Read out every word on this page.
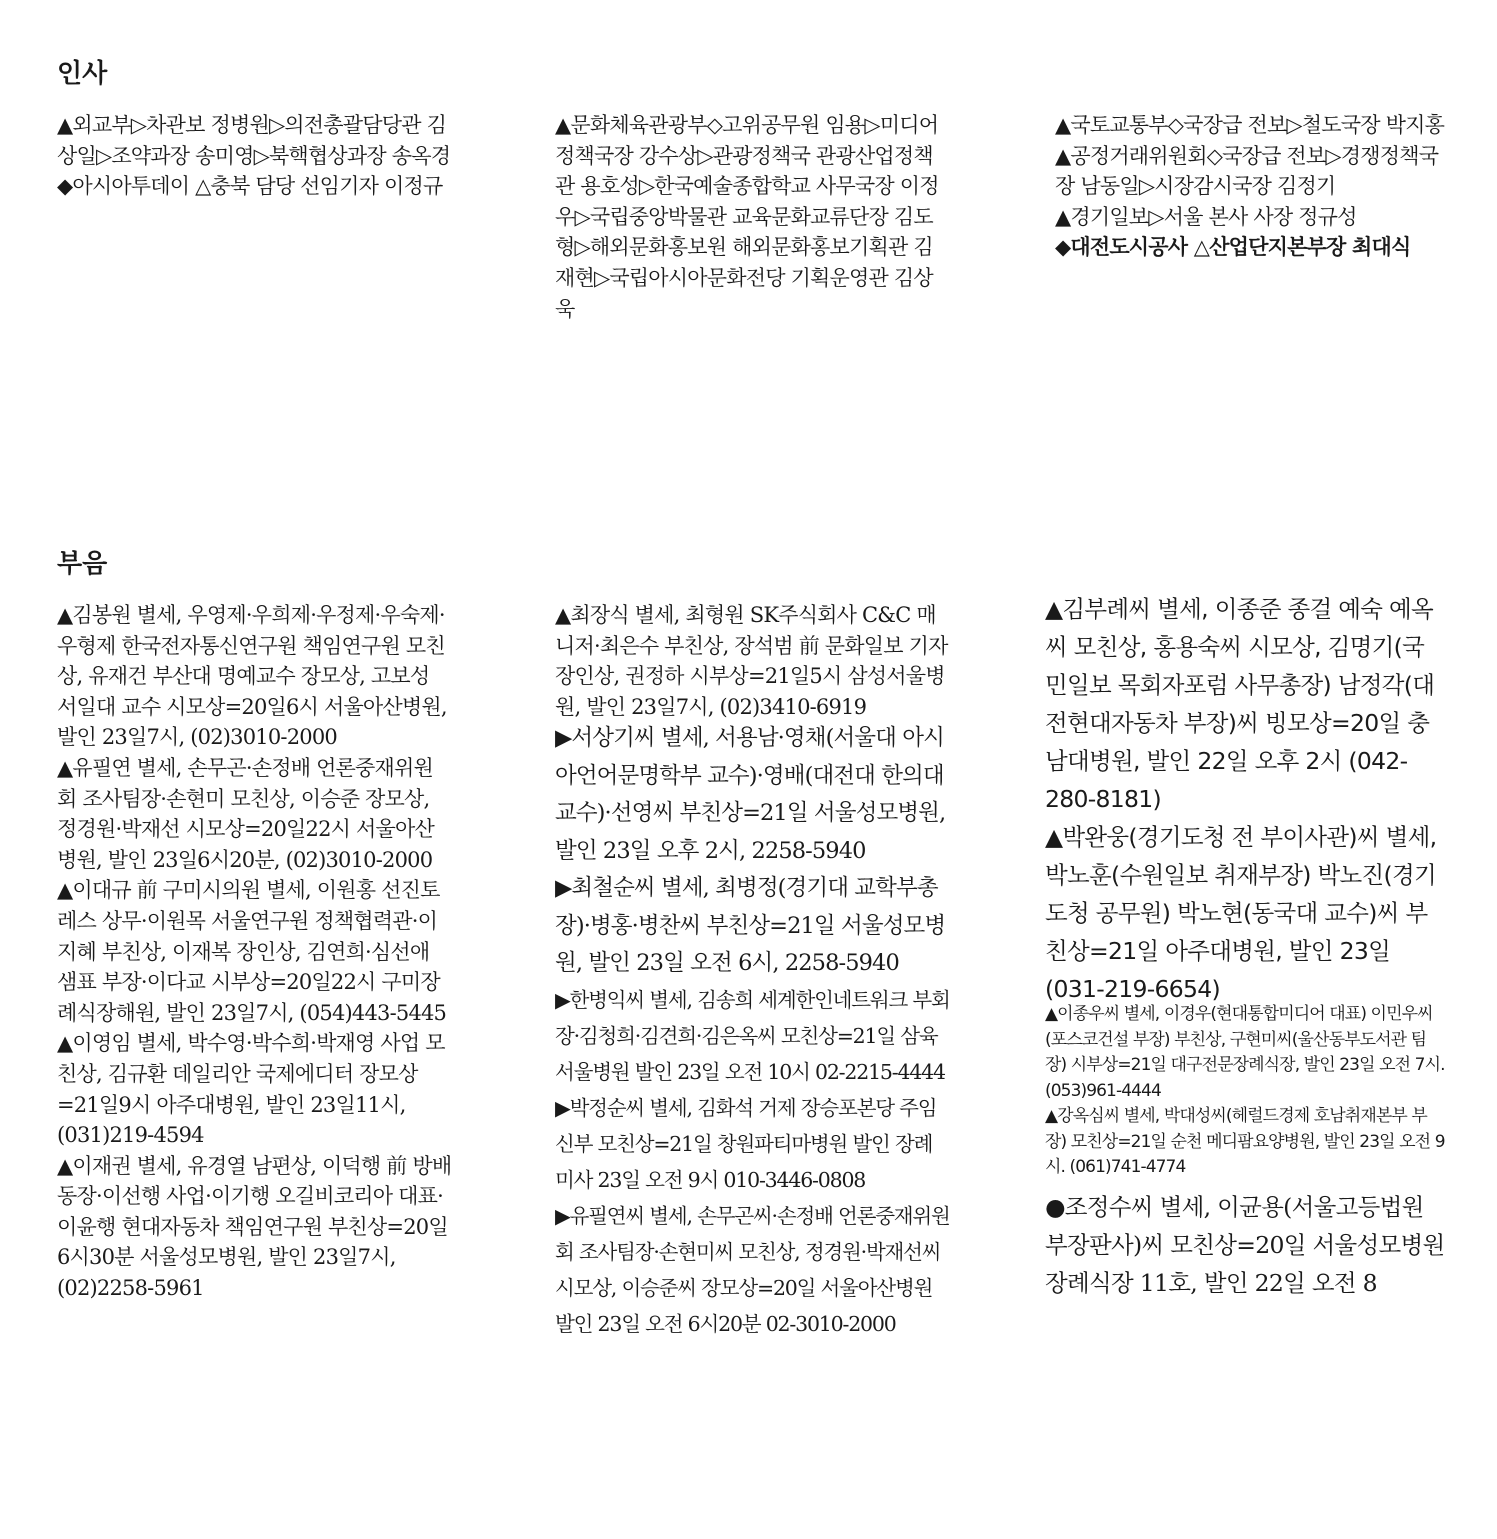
인사

▲외교부▷차관보 정병원▷의전총괄담당관 김상일▷조약과장 송미영▷북핵협상과장 송옥경

◆아시아투데이 △충북 담당 선임기자 이정규

▲문화체육관광부◇고위공무원 임용▷미디어정책국장 강수상▷관광정책국 관광산업정책관 용호성▷한국예술종합학교 사무국장 이정우▷국립중앙박물관 교육문화교류단장 김도형▷해외문화홍보원 해외문화홍보기획관 김재현▷국립아시아문화전당 기획운영관 김상욱

▲국토교통부◇국장급 전보▷철도국장 박지홍

▲공정거래위원회◇국장급 전보▷경쟁정책국장 남동일▷시장감시국장 김정기

▲경기일보▷서울 본사 사장 정규성

◆대전도시공사 △산업단지본부장 최대식

부음

▲김봉원 별세, 우영제·우희제·우정제·우숙제·우형제 한국전자통신연구원 책임연구원 모친상, 유재건 부산대 명예교수 장모상, 고보성 서일대 교수 시모상=20일6시 서울아산병원, 발인 23일7시, (02)3010-2000

▲유필연 별세, 손무곤·손정배 언론중재위원회 조사팀장·손현미 모친상, 이승준 장모상, 정경원·박재선 시모상=20일22시 서울아산병원, 발인 23일6시20분, (02)3010-2000

▲이대규 前 구미시의원 별세, 이원홍 선진토레스 상무·이원목 서울연구원 정책협력관·이지혜 부친상, 이재복 장인상, 김연희·심선애 샘표 부장·이다교 시부상=20일22시 구미장례식장해원, 발인 23일7시, (054)443-5445

▲이영임 별세, 박수영·박수희·박재영 사업 모친상, 김규환 데일리안 국제에디터 장모상=21일9시 아주대병원, 발인 23일11시, (031)219-4594

▲이재권 별세, 유경열 남편상, 이덕행 前 방배동장·이선행 사업·이기행 오길비코리아 대표·이윤행 현대자동차 책임연구원 부친상=20일6시30분 서울성모병원, 발인 23일7시, (02)2258-5961

▲최장식 별세, 최형원 SK주식회사 C&C 매니저·최은수 부친상, 장석범 前 문화일보 기자 장인상, 권정하 시부상=21일5시 삼성서울병원, 발인 23일7시, (02)3410-6919

▶서상기씨 별세, 서용남·영채(서울대 아시아언어문명학부 교수)·영배(대전대 한의대 교수)·선영씨 부친상=21일 서울성모병원, 발인 23일 오후 2시, 2258-5940

▶최철순씨 별세, 최병정(경기대 교학부총장)·병홍·병찬씨 부친상=21일 서울성모병원, 발인 23일 오전 6시, 2258-5940

▶한병익씨 별세, 김송희 세계한인네트워크 부회장·김청희·김견희·김은옥씨 모친상=21일 삼육서울병원 발인 23일 오전 10시 02-2215-4444

▶박정순씨 별세, 김화석 거제 장승포본당 주임신부 모친상=21일 창원파티마병원 발인 장례미사 23일 오전 9시 010-3446-0808

▶유필연씨 별세, 손무곤씨·손정배 언론중재위원회 조사팀장·손현미씨 모친상, 정경원·박재선씨 시모상, 이승준씨 장모상=20일 서울아산병원 발인 23일 오전 6시20분 02-3010-2000

▲김부례씨 별세, 이종준 종걸 예숙 예옥씨 모친상, 홍용숙씨 시모상, 김명기(국민일보 목회자포럼 사무총장) 남정각(대전현대자동차 부장)씨 빙모상=20일 충남대병원, 발인 22일 오후 2시 (042-280-8181)

▲박완웅(경기도청 전 부이사관)씨 별세, 박노훈(수원일보 취재부장) 박노진(경기도청 공무원) 박노현(동국대 교수)씨 부친상=21일 아주대병원, 발인 23일 (031-219-6654)

▲이종우씨 별세, 이경우(현대통합미디어 대표) 이민우씨(포스코건설 부장) 부친상, 구현미씨(울산동부도서관 팀장) 시부상=21일 대구전문장례식장, 발인 23일 오전 7시. (053)961-4444

▲강옥심씨 별세, 박대성씨(헤럴드경제 호남취재본부 부장) 모친상=21일 순천 메디팜요양병원, 발인 23일 오전 9시. (061)741-4774

●조정수씨 별세, 이균용(서울고등법원 부장판사)씨 모친상=20일 서울성모병원 장례식장 11호, 발인 22일 오전 8
